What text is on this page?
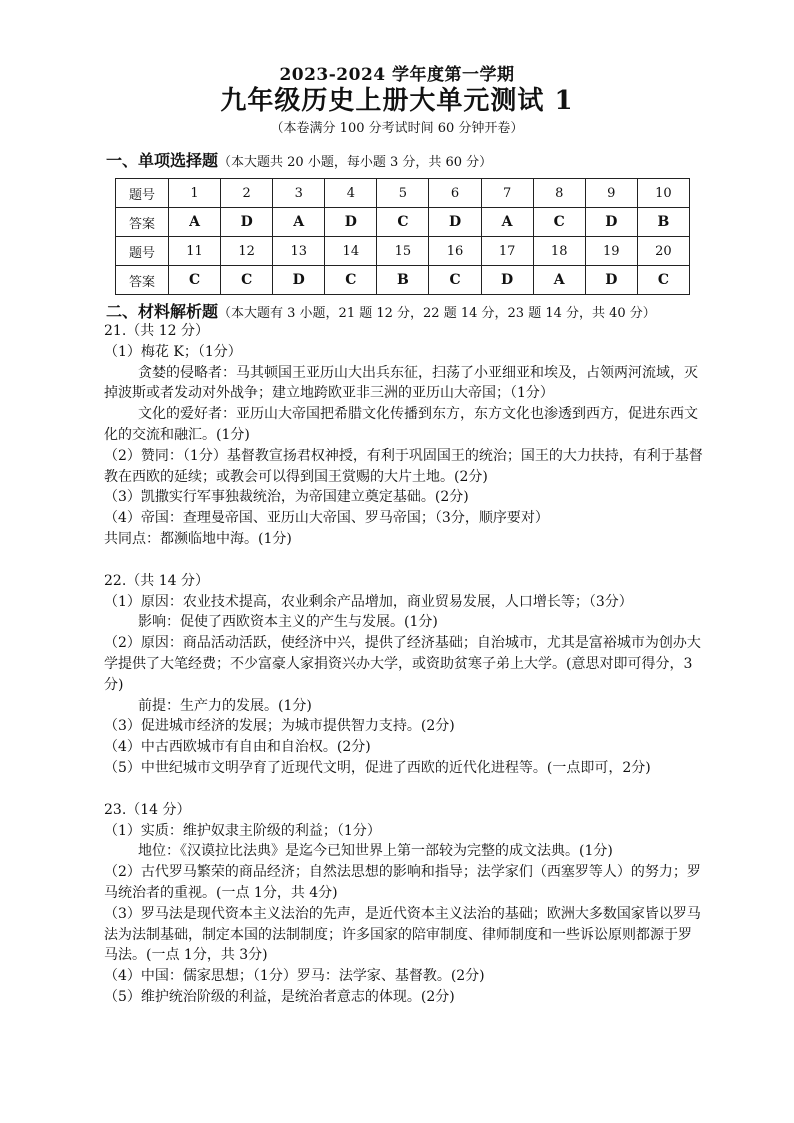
2023-2024 学年度第一学期
九年级历史上册大单元测试 1
（本卷满分 100 分考试时间 60 分钟开卷）
一、单项选择题（本大题共 20 小题，每小题 3 分，共 60 分）
题号	1	2	3	4	5	6	7	8	9	10
答案	A	D	A	D	C	D	A	C	D	B
题号	11	12	13	14	15	16	17	18	19	20
答案	C	C	D	C	B	C	D	A	D	C
二、材料解析题（本大题有 3 小题，21 题 12 分，22 题 14 分，23 题 14 分，共 40 分）

21.（共 12 分）

（1）梅花 K；（1分）

贪婪的侵略者：马其顿国王亚历山大出兵东征，扫荡了小亚细亚和埃及，占领两河流域，灭掉波斯或者发动对外战争；建立地跨欧亚非三洲的亚历山大帝国；（1分）

文化的爱好者：亚历山大帝国把希腊文化传播到东方，东方文化也渗透到西方，促进东西文化的交流和融汇。(1分)

（2）赞同：（1分）基督教宣扬君权神授，有利于巩固国王的统治；国王的大力扶持，有利于基督教在西欧的延续；或教会可以得到国王赏赐的大片土地。(2分)

（3）凯撒实行军事独裁统治，为帝国建立奠定基础。(2分)

（4）帝国：查理曼帝国、亚历山大帝国、罗马帝国；（3分，顺序要对）

共同点：都濒临地中海。(1分)

22.（共 14 分）

（1）原因：农业技术提高，农业剩余产品增加，商业贸易发展，人口增长等；（3分）

影响：促使了西欧资本主义的产生与发展。(1分)

（2）原因：商品活动活跃，使经济中兴，提供了经济基础；自治城市，尤其是富裕城市为创办大学提供了大笔经费；不少富豪人家捐资兴办大学，或资助贫寒子弟上大学。(意思对即可得分，3分)

前提：生产力的发展。(1分)

（3）促进城市经济的发展；为城市提供智力支持。(2分)

（4）中古西欧城市有自由和自治权。(2分)

（5）中世纪城市文明孕育了近现代文明，促进了西欧的近代化进程等。(一点即可，2分)

23.（14 分）

（1）实质：维护奴隶主阶级的利益；（1分）

地位：《汉谟拉比法典》是迄今已知世界上第一部较为完整的成文法典。(1分)

（2）古代罗马繁荣的商品经济；自然法思想的影响和指导；法学家们（西塞罗等人）的努力；罗马统治者的重视。(一点 1分，共 4分)

（3）罗马法是现代资本主义法治的先声，是近代资本主义法治的基础；欧洲大多数国家皆以罗马法为法制基础，制定本国的法制制度；许多国家的陪审制度、律师制度和一些诉讼原则都源于罗马法。(一点 1分，共 3分)

（4）中国：儒家思想；（1分）罗马：法学家、基督教。(2分)

（5）维护统治阶级的利益，是统治者意志的体现。(2分)
